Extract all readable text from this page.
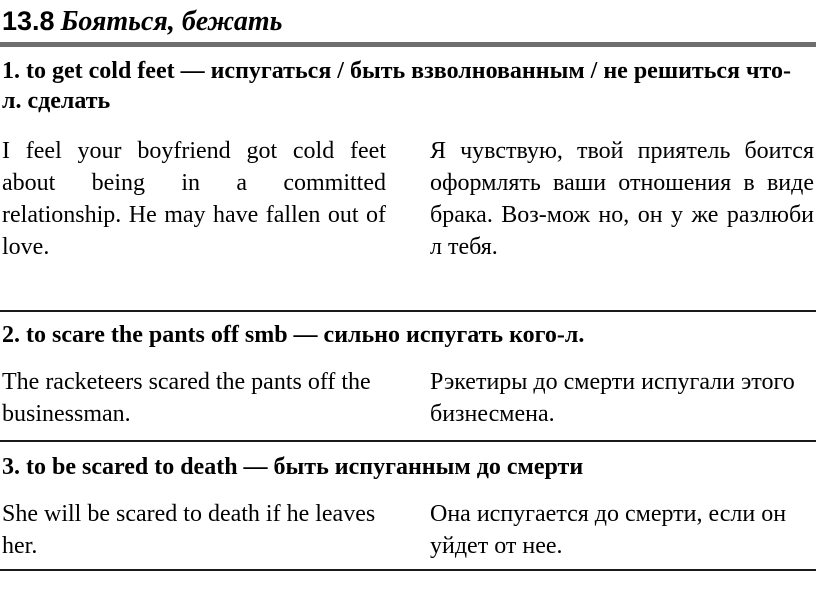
13.8 Бояться, бежать
1. to get cold feet — испугаться / быть взволнованным / не решиться что-л. сделать
I feel your boyfriend got cold feet about being in a committed relationship. He may have fallen out of love.
Я чувствую, твой приятель боится оформлять ваши отношения в виде брака. Воз-мож но, он у же разлюби л тебя.
2. to scare the pants off smb — сильно испугать кого-л.
The racketeers scared the pants off the businessman.
Рэкетиры до смерти испугали этого бизнесмена.
3. to be scared to death — быть испуганным до смерти
She will be scared to death if he leaves her.
Она испугается до смерти, если он уйдет от нее.
